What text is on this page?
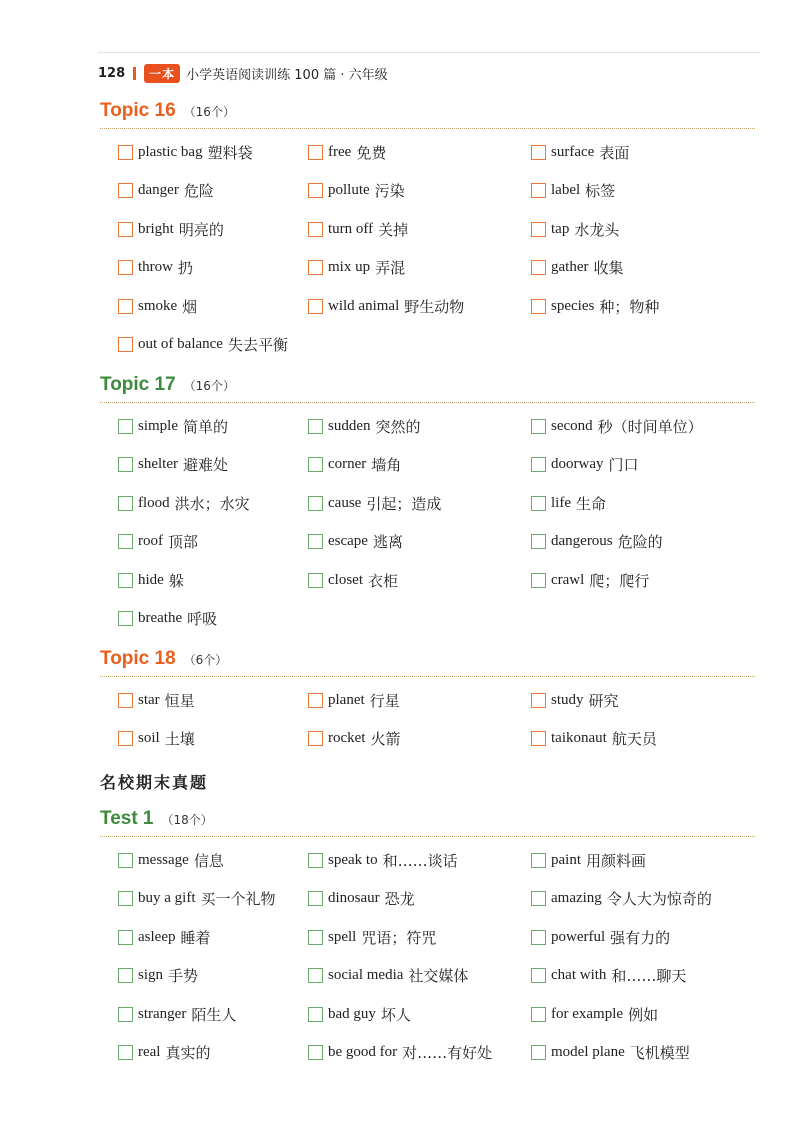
128	一本 小学英语阅读训练 100 篇 · 六年级
Topic 16 （16个）
plastic bag 塑料袋	free 免费	surface 表面
danger 危险	pollute 污染	label 标签
bright 明亮的	turn off 关掉	tap 水龙头
throw 扔	mix up 弄混	gather 收集
smoke 烟	wild animal 野生动物	species 种；物种
out of balance 失去平衡
Topic 17 （16个）
simple 简单的	sudden 突然的	second 秒（时间单位）
shelter 避难处	corner 墙角	doorway 门口
flood 洪水；水灾	cause 引起；造成	life 生命
roof 顶部	escape 逃离	dangerous 危险的
hide 躲	closet 衣柜	crawl 爬；爬行
breathe 呼吸
Topic 18 （6个）
star 恒星	planet 行星	study 研究
soil 土壤	rocket 火箭	taikonaut 航天员
名校期末真题
Test 1 （18个）
message 信息	speak to 和……谈话	paint 用颜料画
buy a gift 买一个礼物	dinosaur 恐龙	amazing 令人大为惊奇的
asleep 睡着	spell 咒语；符咒	powerful 强有力的
sign 手势	social media 社交媒体	chat with 和……聊天
stranger 陌生人	bad guy 坏人	for example 例如
real 真实的	be good for 对……有好处	model plane 飞机模型
